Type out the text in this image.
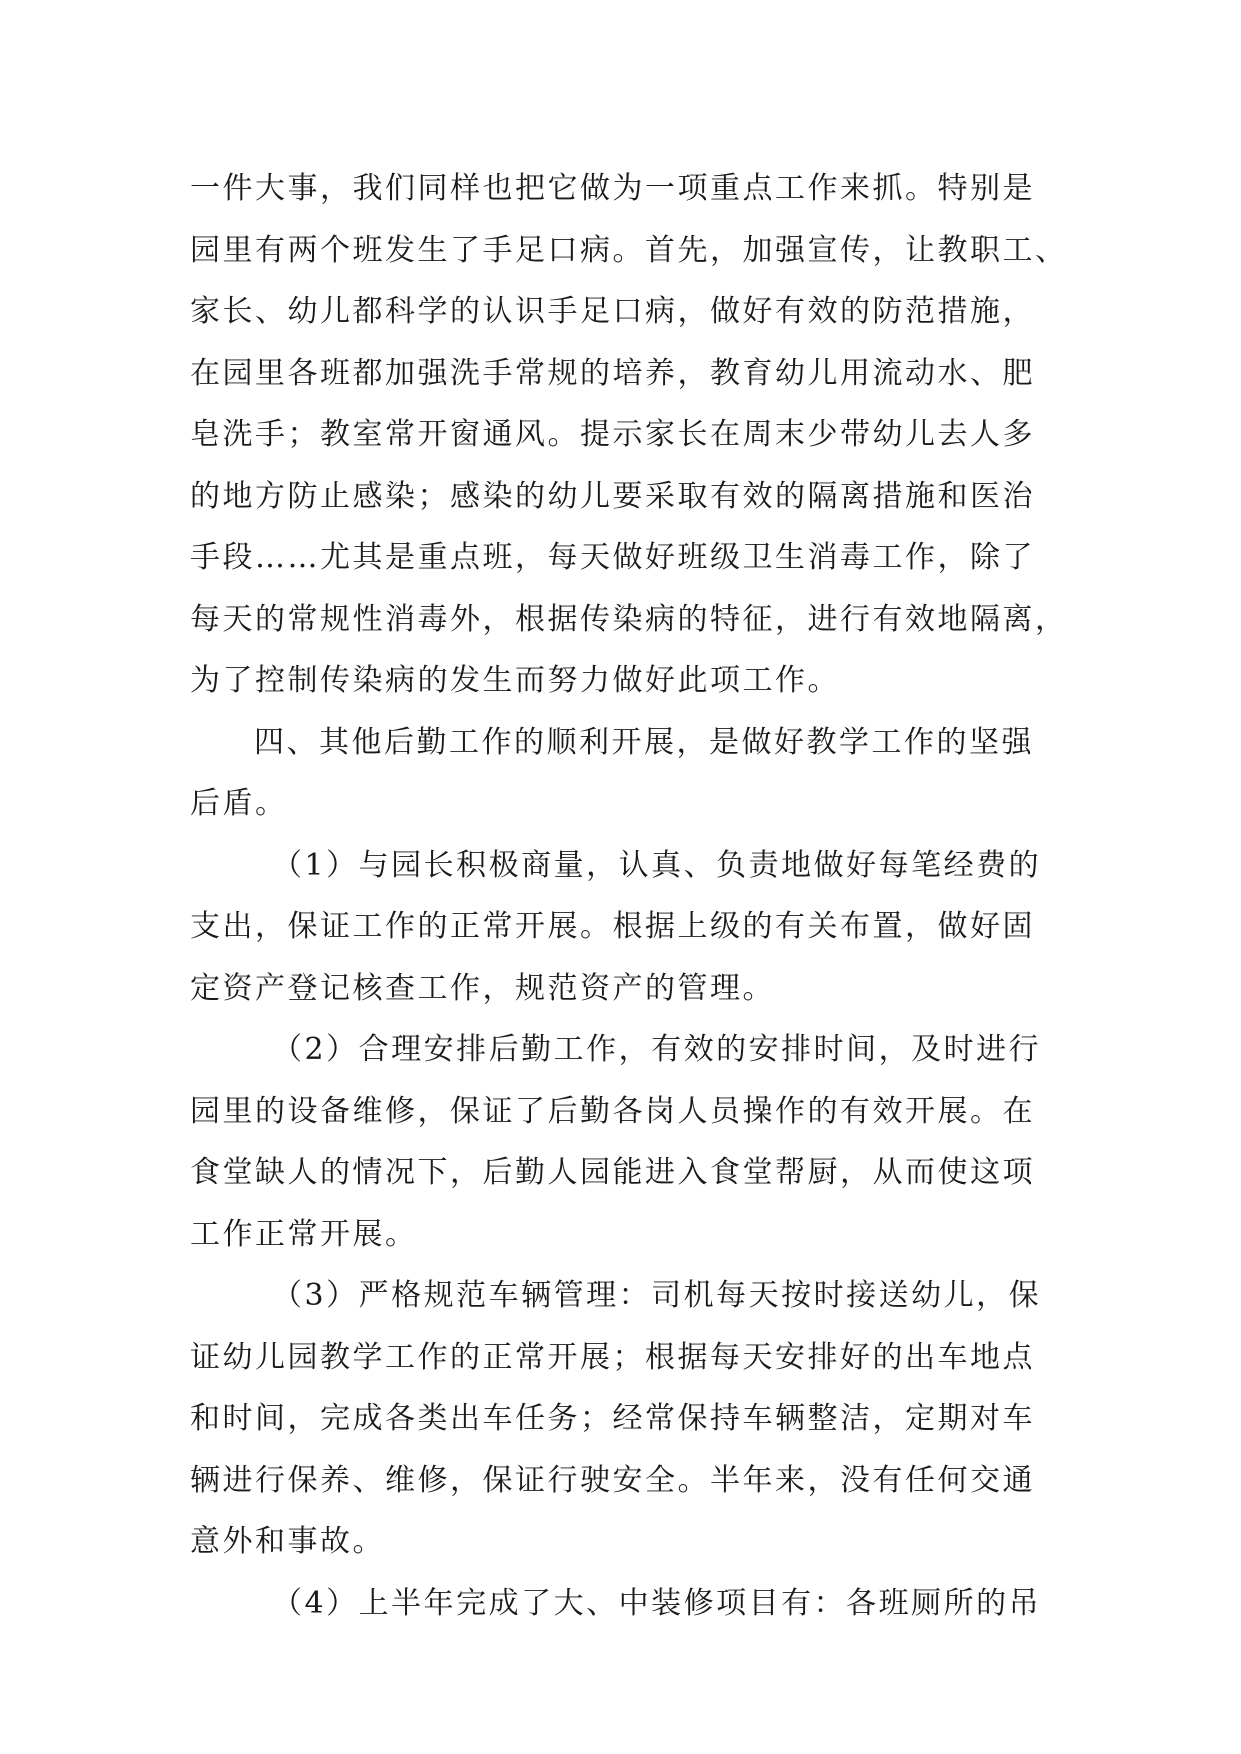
一件大事，我们同样也把它做为一项重点工作来抓。特别是
园里有两个班发生了手足口病。首先，加强宣传，让教职工、
家长、幼儿都科学的认识手足口病，做好有效的防范措施，
在园里各班都加强洗手常规的培养，教育幼儿用流动水、肥
皂洗手；教室常开窗通风。提示家长在周末少带幼儿去人多
的地方防止感染；感染的幼儿要采取有效的隔离措施和医治
手段……尤其是重点班，每天做好班级卫生消毒工作，除了
每天的常规性消毒外，根据传染病的特征，进行有效地隔离，
为了控制传染病的发生而努力做好此项工作。
四、其他后勤工作的顺利开展，是做好教学工作的坚强
后盾。
（1）与园长积极商量，认真、负责地做好每笔经费的
支出，保证工作的正常开展。根据上级的有关布置，做好固
定资产登记核查工作，规范资产的管理。
（2）合理安排后勤工作，有效的安排时间，及时进行
园里的设备维修，保证了后勤各岗人员操作的有效开展。在
食堂缺人的情况下，后勤人园能进入食堂帮厨，从而使这项
工作正常开展。
（3）严格规范车辆管理：司机每天按时接送幼儿，保
证幼儿园教学工作的正常开展；根据每天安排好的出车地点
和时间，完成各类出车任务；经常保持车辆整洁，定期对车
辆进行保养、维修，保证行驶安全。半年来，没有任何交通
意外和事故。
（4）上半年完成了大、中装修项目有：各班厕所的吊
